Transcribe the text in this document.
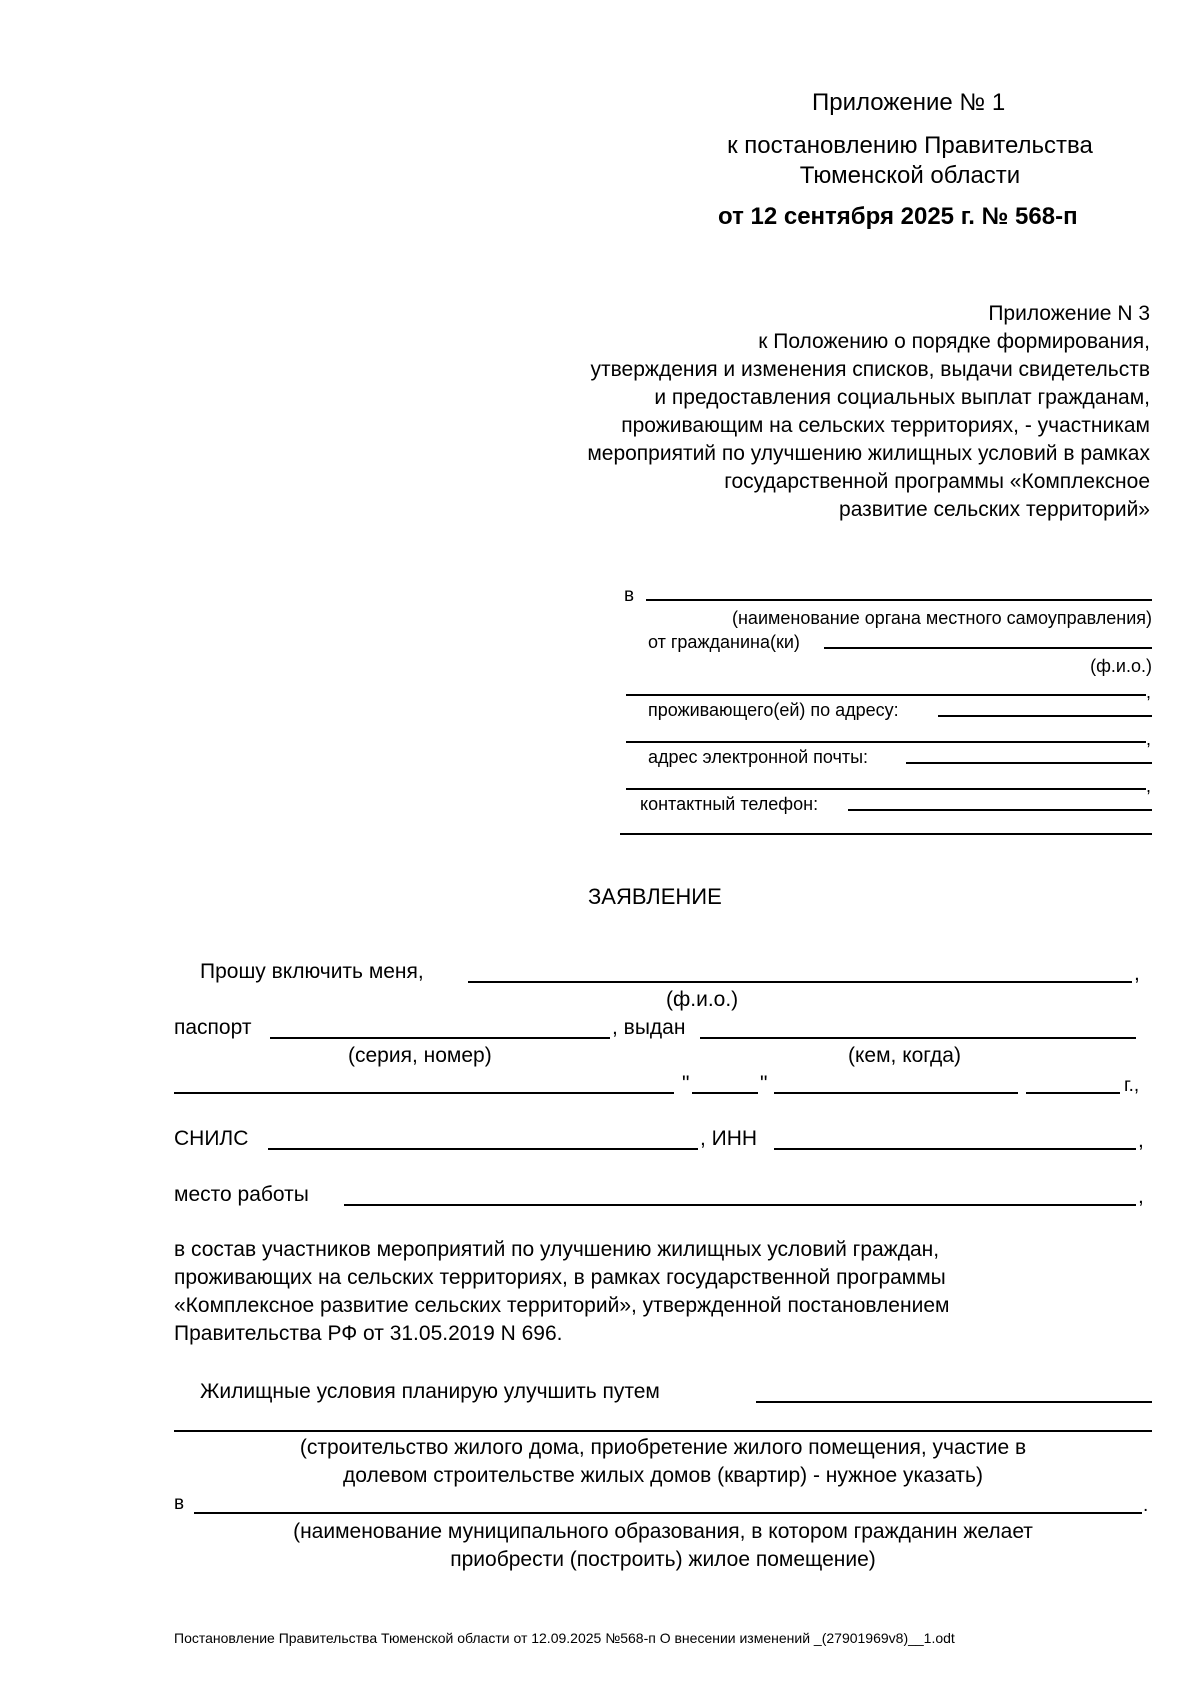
Приложение № 1
к постановлению Правительства
Тюменской области
от 12 сентября 2025 г. № 568-п
Приложение N 3
к Положению о порядке формирования,
утверждения и изменения списков, выдачи свидетельств
и предоставления социальных выплат гражданам,
проживающим на сельских территориях, - участникам
мероприятий по улучшению жилищных условий в рамках
государственной программы «Комплексное
развитие сельских территорий»
в
(наименование органа местного самоуправления)
от гражданина(ки)
(ф.и.о.)
,
проживающего(ей) по адресу:
,
адрес электронной почты:
,
контактный телефон:
ЗАЯВЛЕНИЕ
Прошу включить меня,	,
(ф.и.о.)
паспорт	, выдан
(серия, номер)	(кем, когда)
"	"	г.,
СНИЛС	, ИНН	,
место работы	,
в состав участников мероприятий по улучшению жилищных условий граждан,
проживающих на сельских территориях, в рамках государственной программы
«Комплексное развитие сельских территорий», утвержденной постановлением
Правительства РФ от 31.05.2019 N 696.
Жилищные условия планирую улучшить путем
(строительство жилого дома, приобретение жилого помещения, участие в
долевом строительстве жилых домов (квартир) - нужное указать)
в	.
(наименование муниципального образования, в котором гражданин желает
приобрести (построить) жилое помещение)
Постановление Правительства Тюменской области от 12.09.2025 №568-п О внесении изменений _(27901969v8)__1.odt
